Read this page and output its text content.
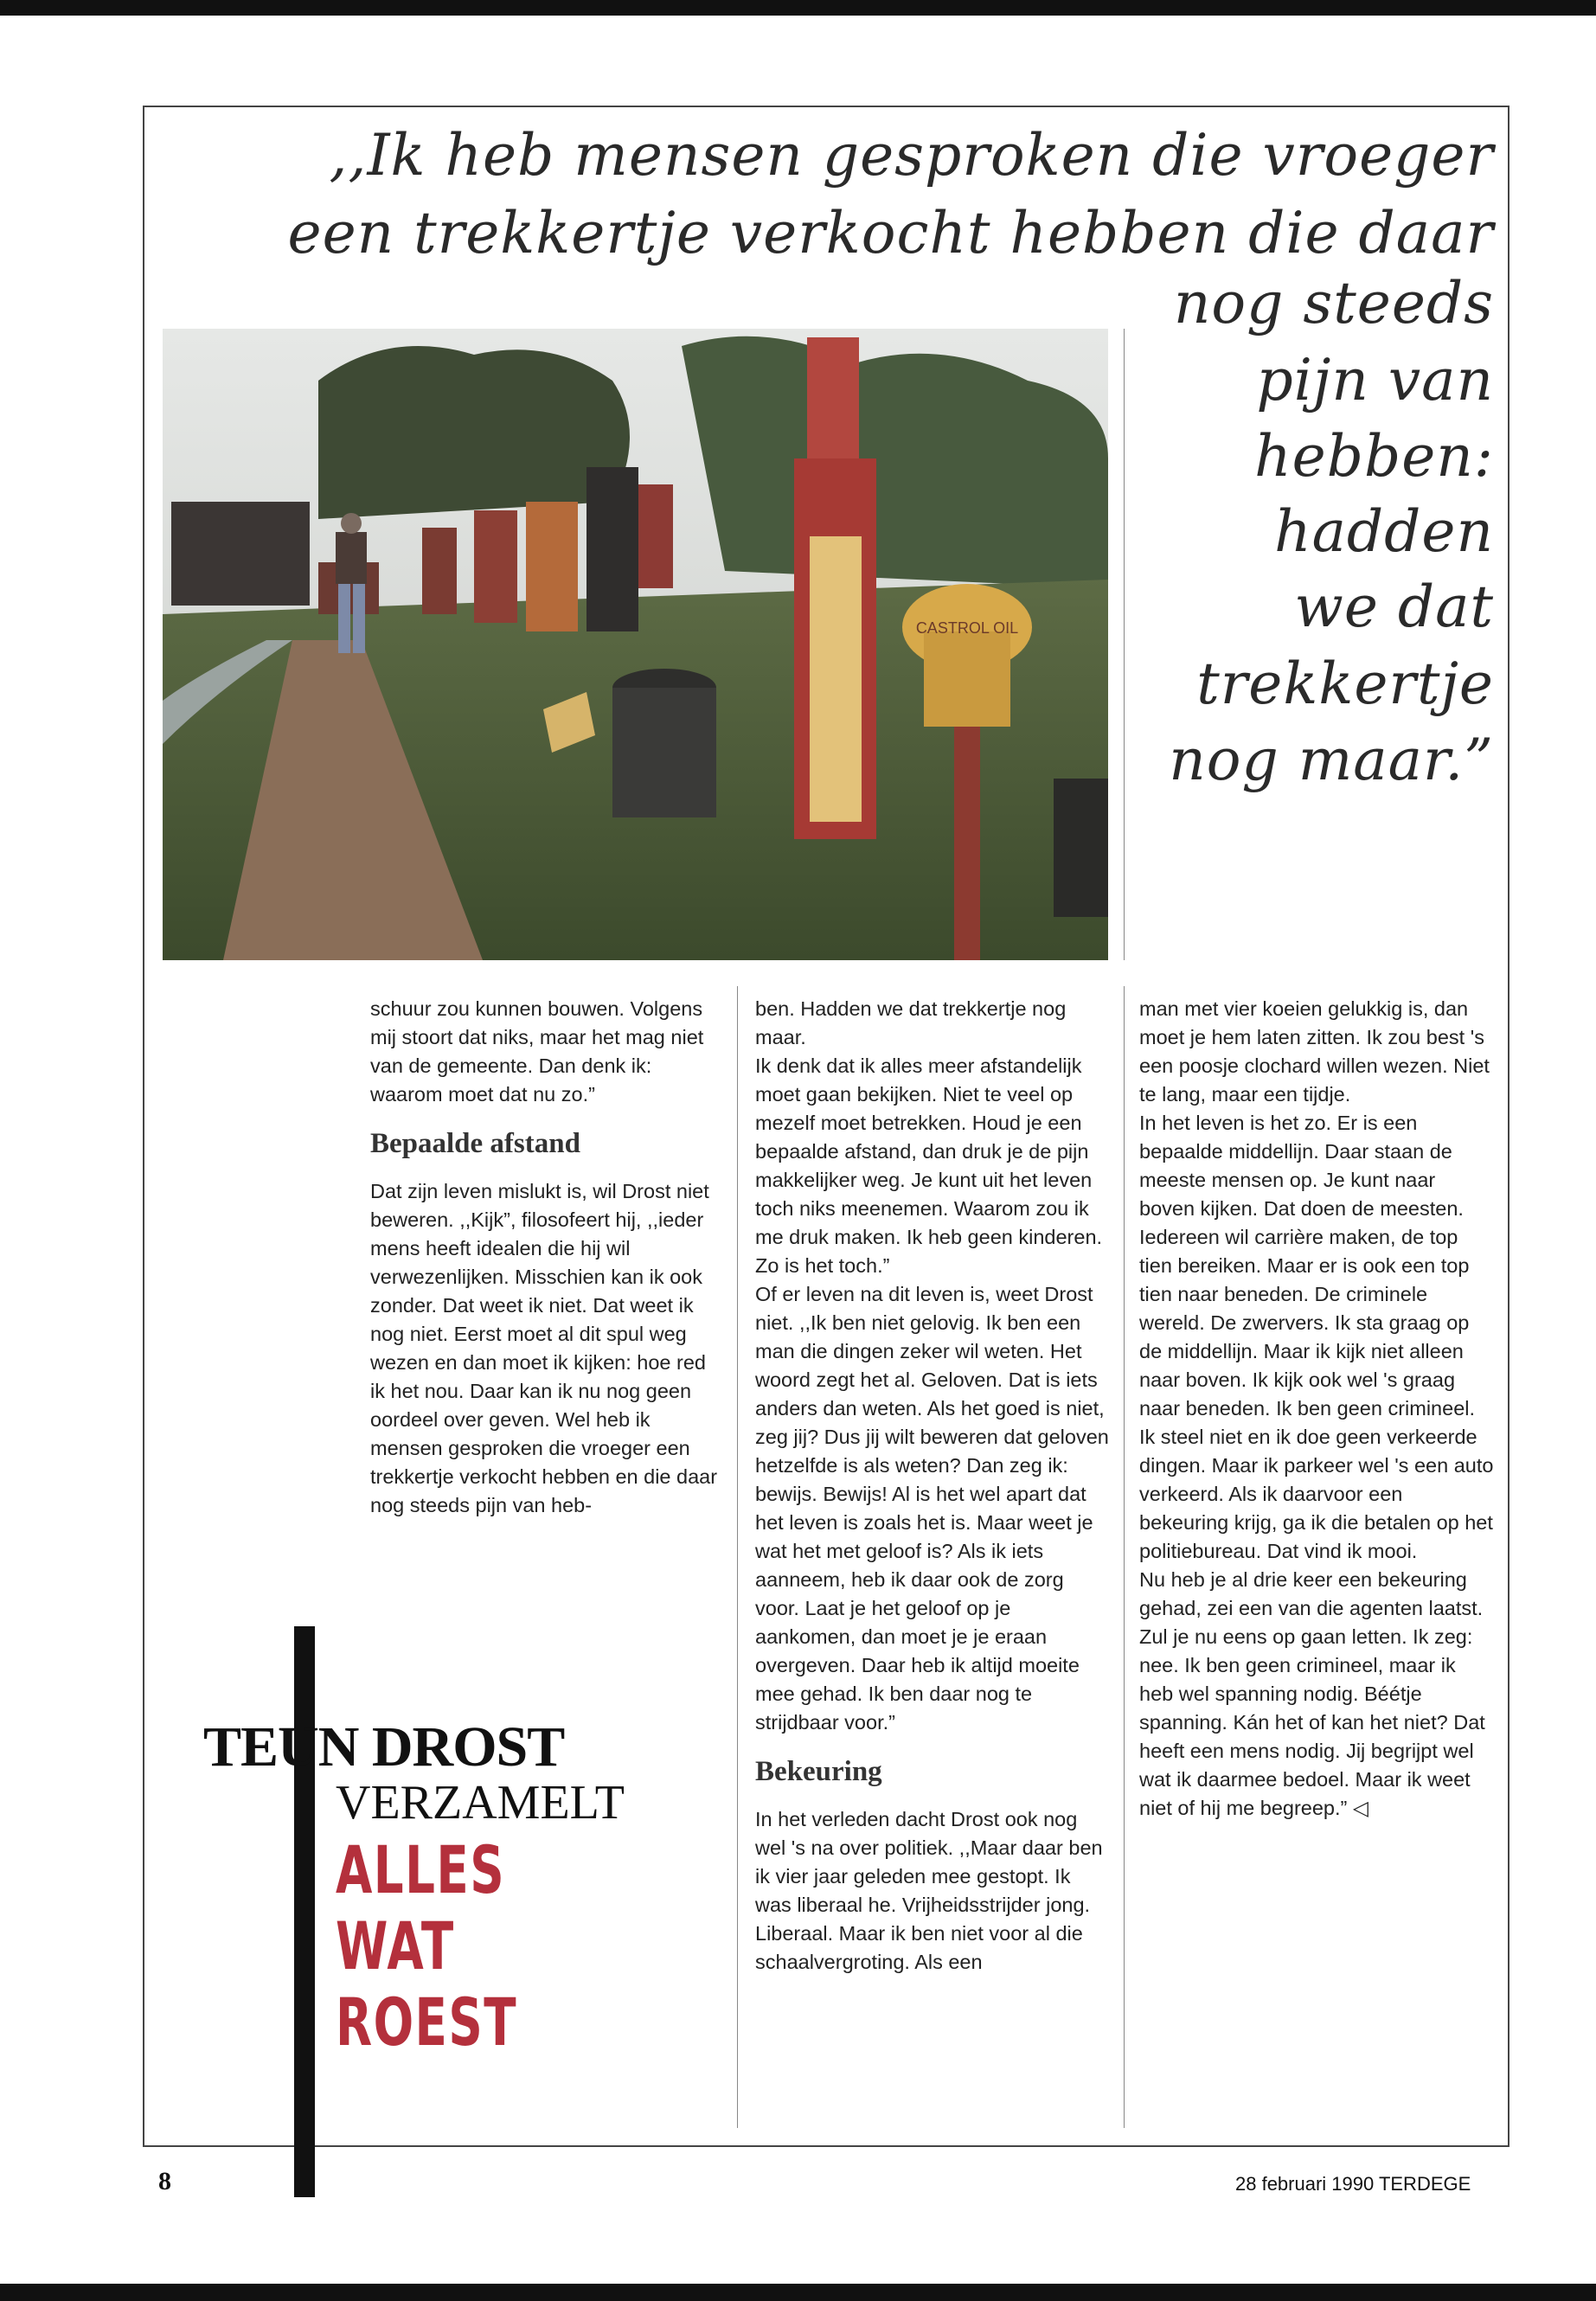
,,Ik heb mensen gesproken die vroeger
een trekkertje verkocht hebben die daar
nog steeds
pijn van
hebben:
hadden
we dat
trekkertje
nog maar.”
CASTROL OIL

schuur zou kunnen bouwen. Volgens mij stoort dat niks, maar het mag niet van de gemeente. Dan denk ik: waarom moet dat nu zo.”

Bepaalde afstand

Dat zijn leven mislukt is, wil Drost niet beweren. ,,Kijk”, filosofeert hij, ,,ieder mens heeft idealen die hij wil verwezenlijken. Misschien kan ik ook zonder. Dat weet ik niet. Dat weet ik nog niet. Eerst moet al dit spul weg wezen en dan moet ik kijken: hoe red ik het nou. Daar kan ik nu nog geen oordeel over geven. Wel heb ik mensen gesproken die vroeger een trekkertje verkocht hebben en die daar nog steeds pijn van heb-

ben. Hadden we dat trekkertje nog maar.

Ik denk dat ik alles meer afstandelijk moet gaan bekijken. Niet te veel op mezelf moet betrekken. Houd je een bepaalde afstand, dan druk je de pijn makkelijker weg. Je kunt uit het leven toch niks meenemen. Waarom zou ik me druk maken. Ik heb geen kinderen. Zo is het toch.”

Of er leven na dit leven is, weet Drost niet. ,,Ik ben niet gelovig. Ik ben een man die dingen zeker wil weten. Het woord zegt het al. Geloven. Dat is iets anders dan weten. Als het goed is niet, zeg jij? Dus jij wilt beweren dat geloven hetzelfde is als weten? Dan zeg ik: bewijs. Bewijs! Al is het wel apart dat het leven is zoals het is. Maar weet je wat het met geloof is? Als ik iets aanneem, heb ik daar ook de zorg voor. Laat je het geloof op je aankomen, dan moet je je eraan overgeven. Daar heb ik altijd moeite mee gehad. Ik ben daar nog te strijdbaar voor.”

Bekeuring

In het verleden dacht Drost ook nog wel 's na over politiek. ,,Maar daar ben ik vier jaar geleden mee gestopt. Ik was liberaal he. Vrijheidsstrijder jong. Liberaal. Maar ik ben niet voor al die schaalvergroting. Als een

man met vier koeien gelukkig is, dan moet je hem laten zitten. Ik zou best 's een poosje clochard willen wezen. Niet te lang, maar een tijdje.

In het leven is het zo. Er is een bepaalde middellijn. Daar staan de meeste mensen op. Je kunt naar boven kijken. Dat doen de meesten. Iedereen wil carrière maken, de top tien bereiken. Maar er is ook een top tien naar beneden. De criminele wereld. De zwervers. Ik sta graag op de middellijn. Maar ik kijk niet alleen naar boven. Ik kijk ook wel 's graag naar beneden. Ik ben geen crimineel. Ik steel niet en ik doe geen verkeerde dingen. Maar ik parkeer wel 's een auto verkeerd. Als ik daarvoor een bekeuring krijg, ga ik die betalen op het politiebureau. Dat vind ik mooi.

Nu heb je al drie keer een bekeuring gehad, zei een van die agenten laatst. Zul je nu eens op gaan letten. Ik zeg: nee. Ik ben geen crimineel, maar ik heb wel spanning nodig. Béétje spanning. Kán het of kan het niet? Dat heeft een mens nodig. Jij begrijpt wel wat ik daarmee bedoel. Maar ik weet niet of hij me begreep.” ◁

TEUN DROST
VERZAMELT
ALLES
WAT
ROEST
8	28 februari 1990 TERDEGE
